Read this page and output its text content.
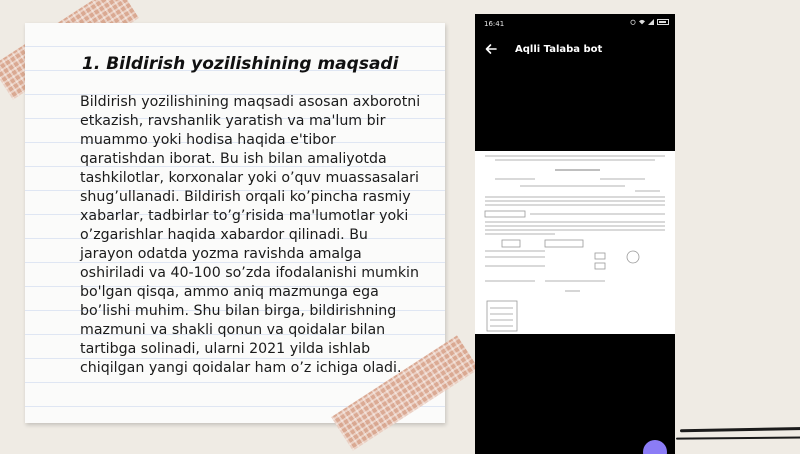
1. Bildirish yozilishining maqsadi

Bildirish yozilishining maqsadi asosan axborotni etkazish, ravshanlik yaratish va ma'lum bir muammo yoki hodisa haqida e'tibor qaratishdan iborat. Bu ish bilan amaliyotda tashkilotlar, korxonalar yoki o’quv muassasalari shug’ullanadi. Bildirish orqali ko’pincha rasmiy xabarlar, tadbirlar to’g’risida ma'lumotlar yoki o’zgarishlar haqida xabardor qilinadi. Bu jarayon odatda yozma ravishda amalga oshiriladi va 40-100 so’zda ifodalanishi mumkin bo'lgan qisqa, ammo aniq mazmunga ega bo’lishi muhim. Shu bilan birga, bildirishning mazmuni va shakli qonun va qoidalar bilan tartibga solinadi, ularni 2021 yilda ishlab chiqilgan yangi qoidalar ham o’z ichiga oladi.

16:41
Aqlli Talaba bot
